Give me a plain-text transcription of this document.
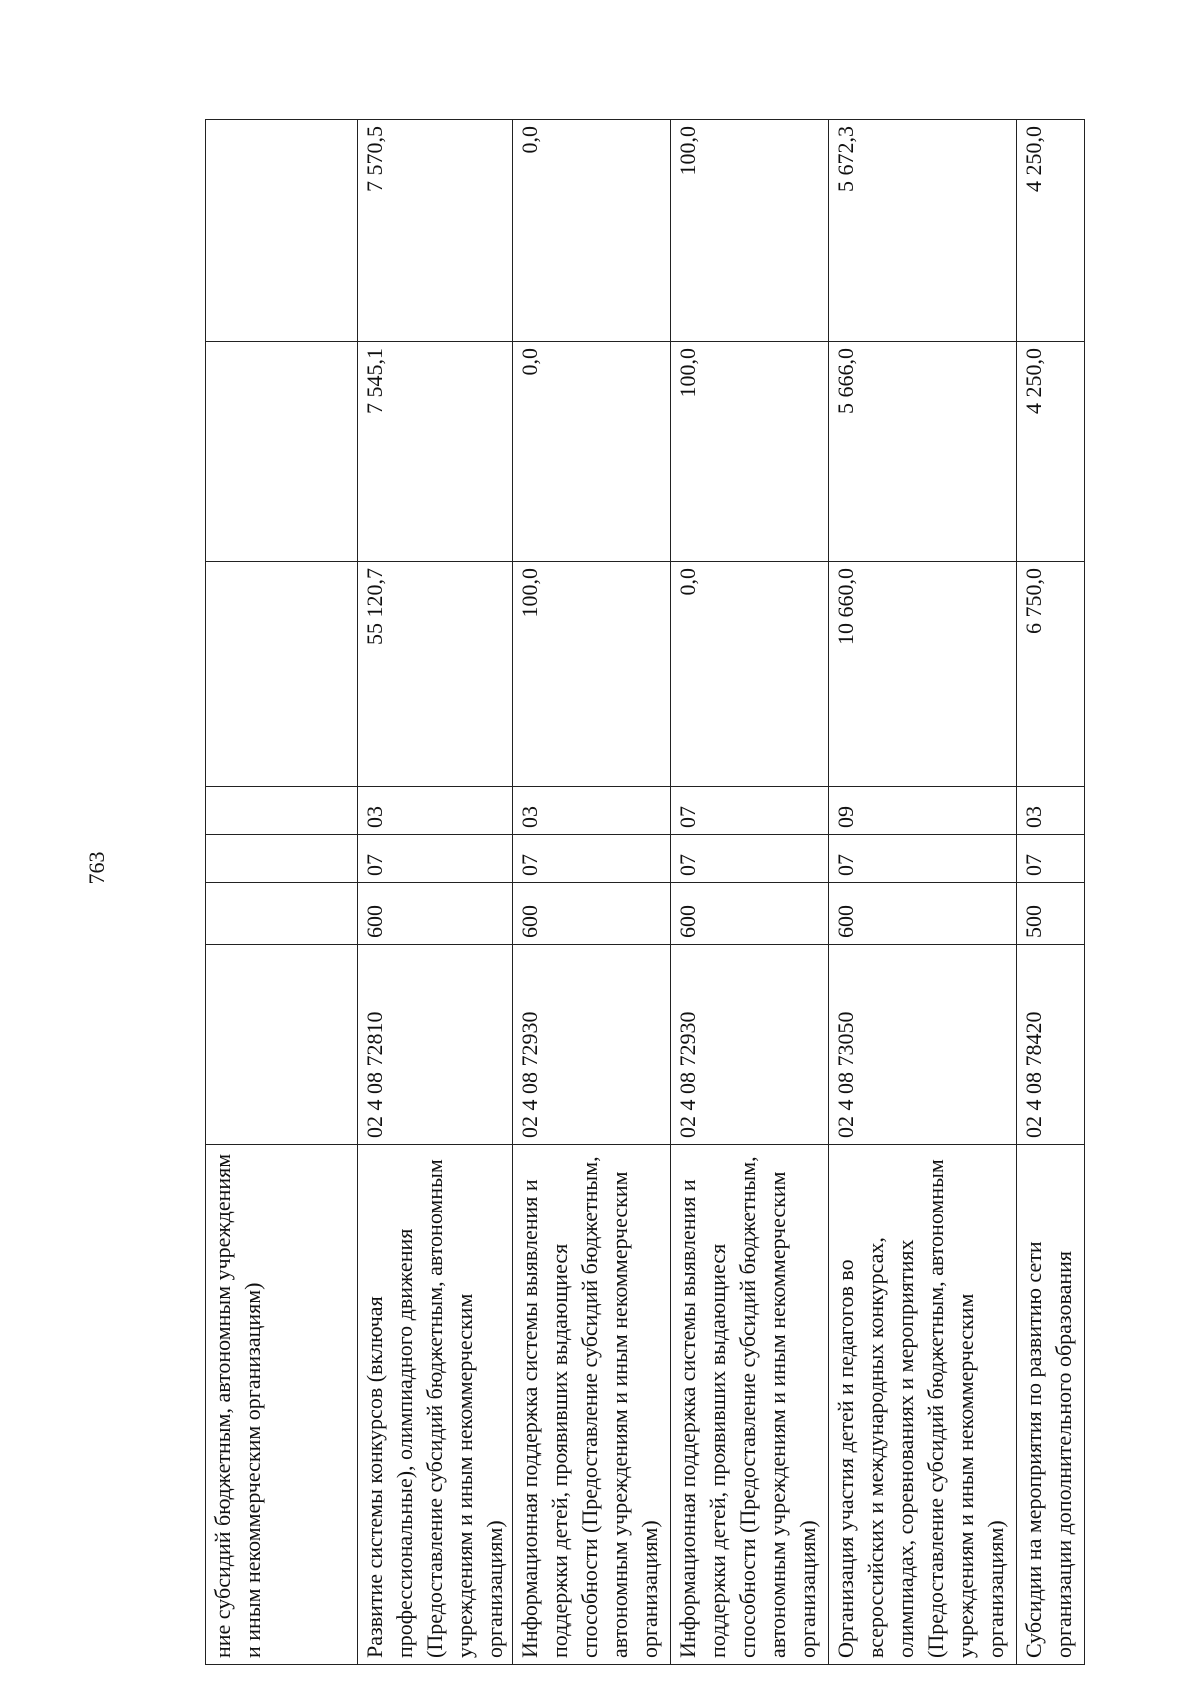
763
ние субсидий бюджетным, автономным учреждениям и иным некоммерческим организациям)							
Развитие системы конкурсов (включая профессиональные), олимпиадного движения (Предоставление субсидий бюджетным, автономным учреждениям и иным некоммерческим организациям)	02 4 08 72810	600	07	03	55 120,7	7 545,1	7 570,5
Информационная поддержка системы выявления и поддержки детей, проявивших выдающиеся способности (Предоставление субсидий бюджетным, автономным учреждениям и иным некоммерческим организациям)	02 4 08 72930	600	07	03	100,0	0,0	0,0
Информационная поддержка системы выявления и поддержки детей, проявивших выдающиеся способности (Предоставление субсидий бюджетным, автономным учреждениям и иным некоммерческим организациям)	02 4 08 72930	600	07	07	0,0	100,0	100,0
Организация участия детей и педагогов во всероссийских и международных конкурсах, олимпиадах, соревнованиях и мероприятиях (Предоставление субсидий бюджетным, автономным учреждениям и иным некоммерческим организациям)	02 4 08 73050	600	07	09	10 660,0	5 666,0	5 672,3
Субсидии на мероприятия по развитию сети организации дополнительного образования	02 4 08 78420	500	07	03	6 750,0	4 250,0	4 250,0
